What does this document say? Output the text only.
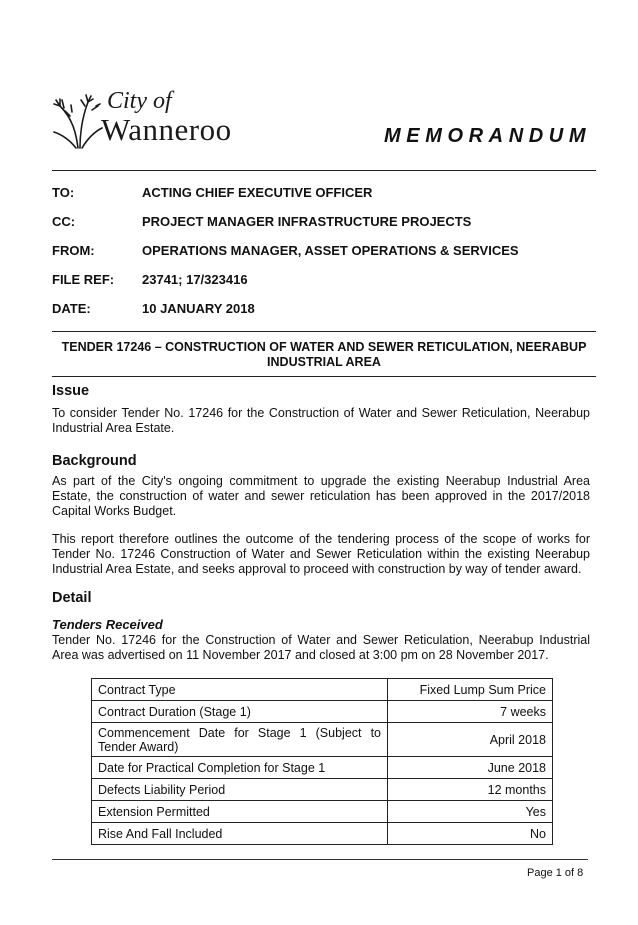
City of
Wanneroo	MEMORANDUM
TO:	ACTING CHIEF EXECUTIVE OFFICER
CC:	PROJECT MANAGER INFRASTRUCTURE PROJECTS
FROM:	OPERATIONS MANAGER, ASSET OPERATIONS & SERVICES
FILE REF: 23741; 17/323416
DATE:	10 JANUARY 2018
TENDER 17246 – CONSTRUCTION OF WATER AND SEWER RETICULATION, NEERABUP
INDUSTRIAL AREA
Issue
To consider Tender No. 17246 for the Construction of Water and Sewer Reticulation, Neerabup Industrial Area Estate.
Background
As part of the City's ongoing commitment to upgrade the existing Neerabup Industrial Area Estate, the construction of water and sewer reticulation has been approved in the 2017/2018 Capital Works Budget.
This report therefore outlines the outcome of the tendering process of the scope of works for Tender No. 17246 Construction of Water and Sewer Reticulation within the existing Neerabup Industrial Area Estate, and seeks approval to proceed with construction by way of tender award.
Detail
Tenders Received
Tender No. 17246 for the Construction of Water and Sewer Reticulation, Neerabup Industrial Area was advertised on 11 November 2017 and closed at 3:00 pm on 28 November 2017.
Contract Type	Fixed Lump Sum Price
Contract Duration (Stage 1)	7 weeks
Commencement Date for Stage 1 (Subject to Tender Award)	April 2018
Date for Practical Completion for Stage 1	June 2018
Defects Liability Period	12 months
Extension Permitted	Yes
Rise And Fall Included	No
Page 1 of 8
